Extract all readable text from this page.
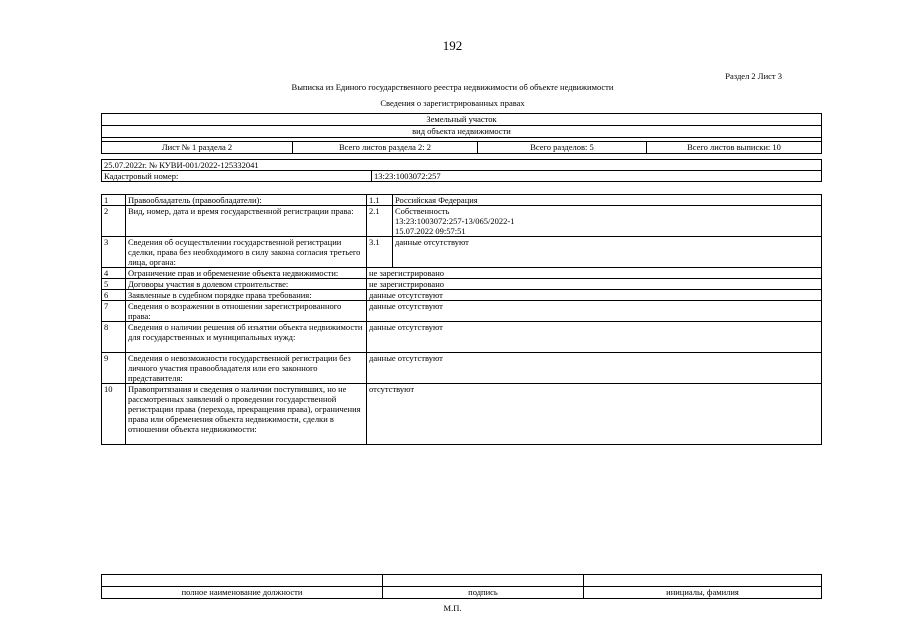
192
Раздел 2 Лист 3
Выписка из Единого государственного реестра недвижимости об объекте недвижимости
Сведения о зарегистрированных правах
Земельный участок
вид объекта недвижимости

Лист № 1 раздела 2	Всего листов раздела 2: 2	Всего разделов: 5	Всего листов выписки: 10
25.07.2022г. № КУВИ-001/2022-125332041
Кадастровый номер:	13:23:1003072:257
1	Правообладатель (правообладатели):	1.1	Российская Федерация
2	Вид, номер, дата и время государственной регистрации права:	2.1	Собственность
13:23:1003072:257-13/065/2022-1
15.07.2022 09:57:51

3	Сведения об осуществлении государственной регистрации сделки, права без необходимого в силу закона согласия третьего лица, органа:	3.1	данные отсутствуют
4	Ограничение прав и обременение объекта недвижимости:	не зарегистрировано	
5	Договоры участия в долевом строительстве:	не зарегистрировано	
6	Заявленные в судебном порядке права требования:	данные отсутствуют	
7	Сведения о возражении в отношении зарегистрированного права:	данные отсутствуют	
8	Сведения о наличии решения об изъятии объекта недвижимости для государственных и муниципальных нужд:	данные отсутствуют	
9	Сведения о невозможности государственной регистрации без личного участия правообладателя или его законного представителя:	данные отсутствуют	
10	Правопритязания и сведения о наличии поступивших, но не рассмотренных заявлений о проведении государственной регистрации права (перехода, прекращения права), ограничения права или обременения объекта недвижимости, сделки в отношении объекта недвижимости:	отсутствуют	

полное наименование должности	подпись	инициалы, фамилия
М.П.
